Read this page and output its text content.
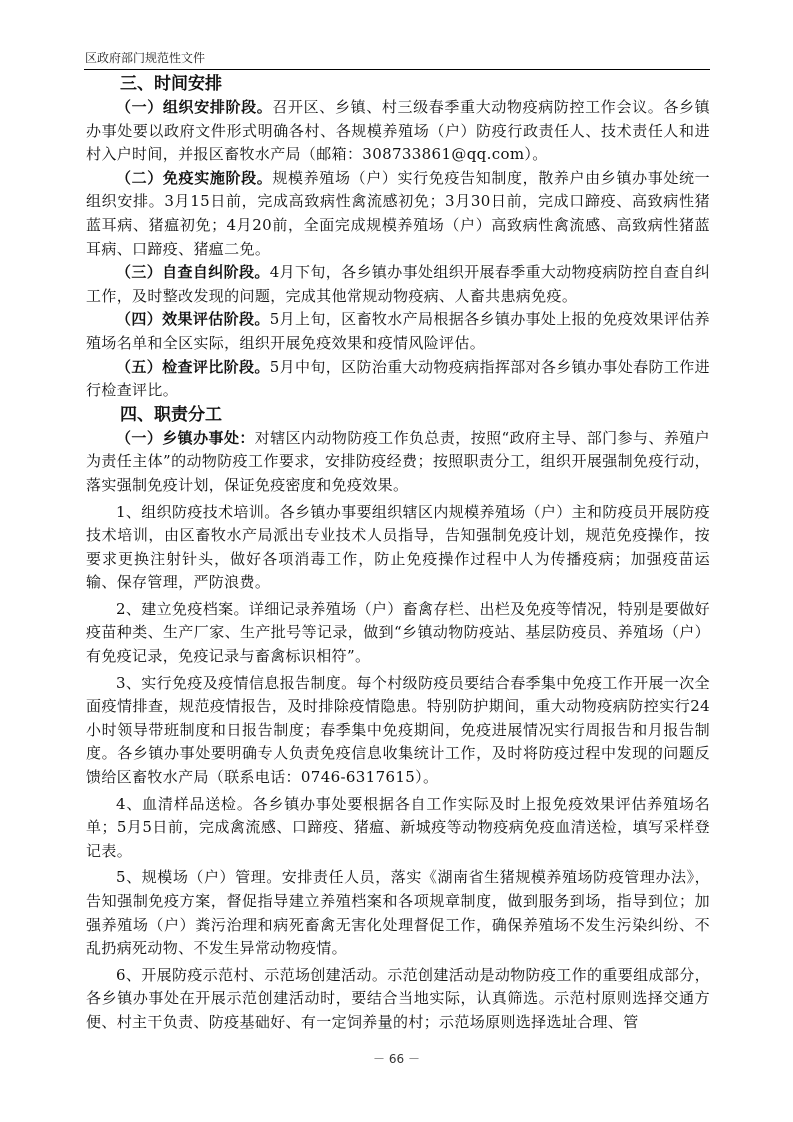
区政府部门规范性文件
三、时间安排

（一）组织安排阶段。召开区、乡镇、村三级春季重大动物疫病防控工作会议。各乡镇办事处要以政府文件形式明确各村、各规模养殖场（户）防疫行政责任人、技术责任人和进村入户时间，并报区畜牧水产局（邮箱：308733861@qq.com）。

（二）免疫实施阶段。规模养殖场（户）实行免疫告知制度，散养户由乡镇办事处统一组织安排。3月15日前，完成高致病性禽流感初免；3月30日前，完成口蹄疫、高致病性猪蓝耳病、猪瘟初免；4月20前，全面完成规模养殖场（户）高致病性禽流感、高致病性猪蓝耳病、口蹄疫、猪瘟二免。

（三）自查自纠阶段。4月下旬，各乡镇办事处组织开展春季重大动物疫病防控自查自纠工作，及时整改发现的问题，完成其他常规动物疫病、人畜共患病免疫。

（四）效果评估阶段。5月上旬，区畜牧水产局根据各乡镇办事处上报的免疫效果评估养殖场名单和全区实际，组织开展免疫效果和疫情风险评估。

（五）检查评比阶段。5月中旬，区防治重大动物疫病指挥部对各乡镇办事处春防工作进行检查评比。

四、职责分工

（一）乡镇办事处：对辖区内动物防疫工作负总责，按照“政府主导、部门参与、养殖户为责任主体”的动物防疫工作要求，安排防疫经费；按照职责分工，组织开展强制免疫行动，落实强制免疫计划，保证免疫密度和免疫效果。

1、组织防疫技术培训。各乡镇办事要组织辖区内规模养殖场（户）主和防疫员开展防疫技术培训，由区畜牧水产局派出专业技术人员指导，告知强制免疫计划，规范免疫操作，按要求更换注射针头，做好各项消毒工作，防止免疫操作过程中人为传播疫病；加强疫苗运输、保存管理，严防浪费。

2、建立免疫档案。详细记录养殖场（户）畜禽存栏、出栏及免疫等情况，特别是要做好疫苗种类、生产厂家、生产批号等记录，做到“乡镇动物防疫站、基层防疫员、养殖场（户）有免疫记录，免疫记录与畜禽标识相符”。

3、实行免疫及疫情信息报告制度。每个村级防疫员要结合春季集中免疫工作开展一次全面疫情排查，规范疫情报告，及时排除疫情隐患。特别防护期间，重大动物疫病防控实行24小时领导带班制度和日报告制度；春季集中免疫期间，免疫进展情况实行周报告和月报告制度。各乡镇办事处要明确专人负责免疫信息收集统计工作，及时将防疫过程中发现的问题反馈给区畜牧水产局（联系电话：0746-6317615）。

4、血清样品送检。各乡镇办事处要根据各自工作实际及时上报免疫效果评估养殖场名单；5月5日前，完成禽流感、口蹄疫、猪瘟、新城疫等动物疫病免疫血清送检，填写采样登记表。

5、规模场（户）管理。安排责任人员，落实《湖南省生猪规模养殖场防疫管理办法》，告知强制免疫方案，督促指导建立养殖档案和各项规章制度，做到服务到场，指导到位；加强养殖场（户）粪污治理和病死畜禽无害化处理督促工作，确保养殖场不发生污染纠纷、不乱扔病死动物、不发生异常动物疫情。

6、开展防疫示范村、示范场创建活动。示范创建活动是动物防疫工作的重要组成部分，各乡镇办事处在开展示范创建活动时，要结合当地实际，认真筛选。示范村原则选择交通方便、村主干负责、防疫基础好、有一定饲养量的村；示范场原则选择选址合理、管

－ 66 －
